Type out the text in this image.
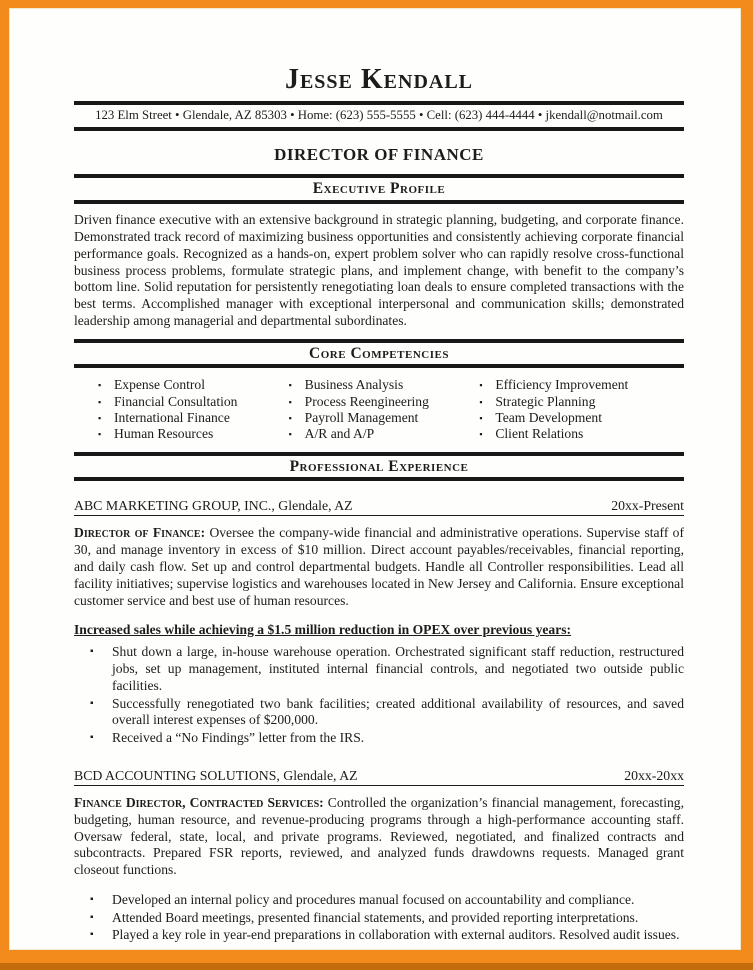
Jesse Kendall

123 Elm Street • Glendale, AZ 85303 • Home: (623) 555-5555 • Cell: (623) 444-4444 • jkendall@notmail.com

DIRECTOR OF FINANCE
Executive Profile

Driven finance executive with an extensive background in strategic planning, budgeting, and corporate finance. Demonstrated track record of maximizing business opportunities and consistently achieving corporate financial performance goals. Recognized as a hands-on, expert problem solver who can rapidly resolve cross-functional business process problems, formulate strategic plans, and implement change, with benefit to the company’s bottom line. Solid reputation for persistently renegotiating loan deals to ensure completed transactions with the best terms. Accomplished manager with exceptional interpersonal and communication skills; demonstrated leadership among managerial and departmental subordinates.

Core Competencies
▪ Expense Control
▪ Financial Consultation
▪ International Finance
▪ Human Resources
▪ Business Analysis
▪ Process Reengineering
▪ Payroll Management
▪ A/R and A/P
▪ Efficiency Improvement
▪ Strategic Planning
▪ Team Development
▪ Client Relations
Professional Experience
ABC MARKETING GROUP, INC., Glendale, AZ	20xx-Present

Director of Finance: Oversee the company-wide financial and administrative operations. Supervise staff of 30, and manage inventory in excess of $10 million. Direct account payables/receivables, financial reporting, and daily cash flow. Set up and control departmental budgets. Handle all Controller responsibilities. Lead all facility initiatives; supervise logistics and warehouses located in New Jersey and California. Ensure exceptional customer service and best use of human resources.

Increased sales while achieving a $1.5 million reduction in OPEX over previous years:

▪ Shut down a large, in-house warehouse operation. Orchestrated significant staff reduction, restructured jobs, set up management, instituted internal financial controls, and negotiated two outside public facilities.
▪ Successfully renegotiated two bank facilities; created additional availability of resources, and saved overall interest expenses of $200,000.
▪ Received a “No Findings” letter from the IRS.
BCD ACCOUNTING SOLUTIONS, Glendale, AZ	20xx-20xx

Finance Director, Contracted Services: Controlled the organization’s financial management, forecasting, budgeting, human resource, and revenue-producing programs through a high-performance accounting staff. Oversaw federal, state, local, and private programs. Reviewed, negotiated, and finalized contracts and subcontracts. Prepared FSR reports, reviewed, and analyzed funds drawdowns requests. Managed grant closeout functions.

▪ Developed an internal policy and procedures manual focused on accountability and compliance.
▪ Attended Board meetings, presented financial statements, and provided reporting interpretations.
▪ Played a key role in year-end preparations in collaboration with external auditors. Resolved audit issues.
